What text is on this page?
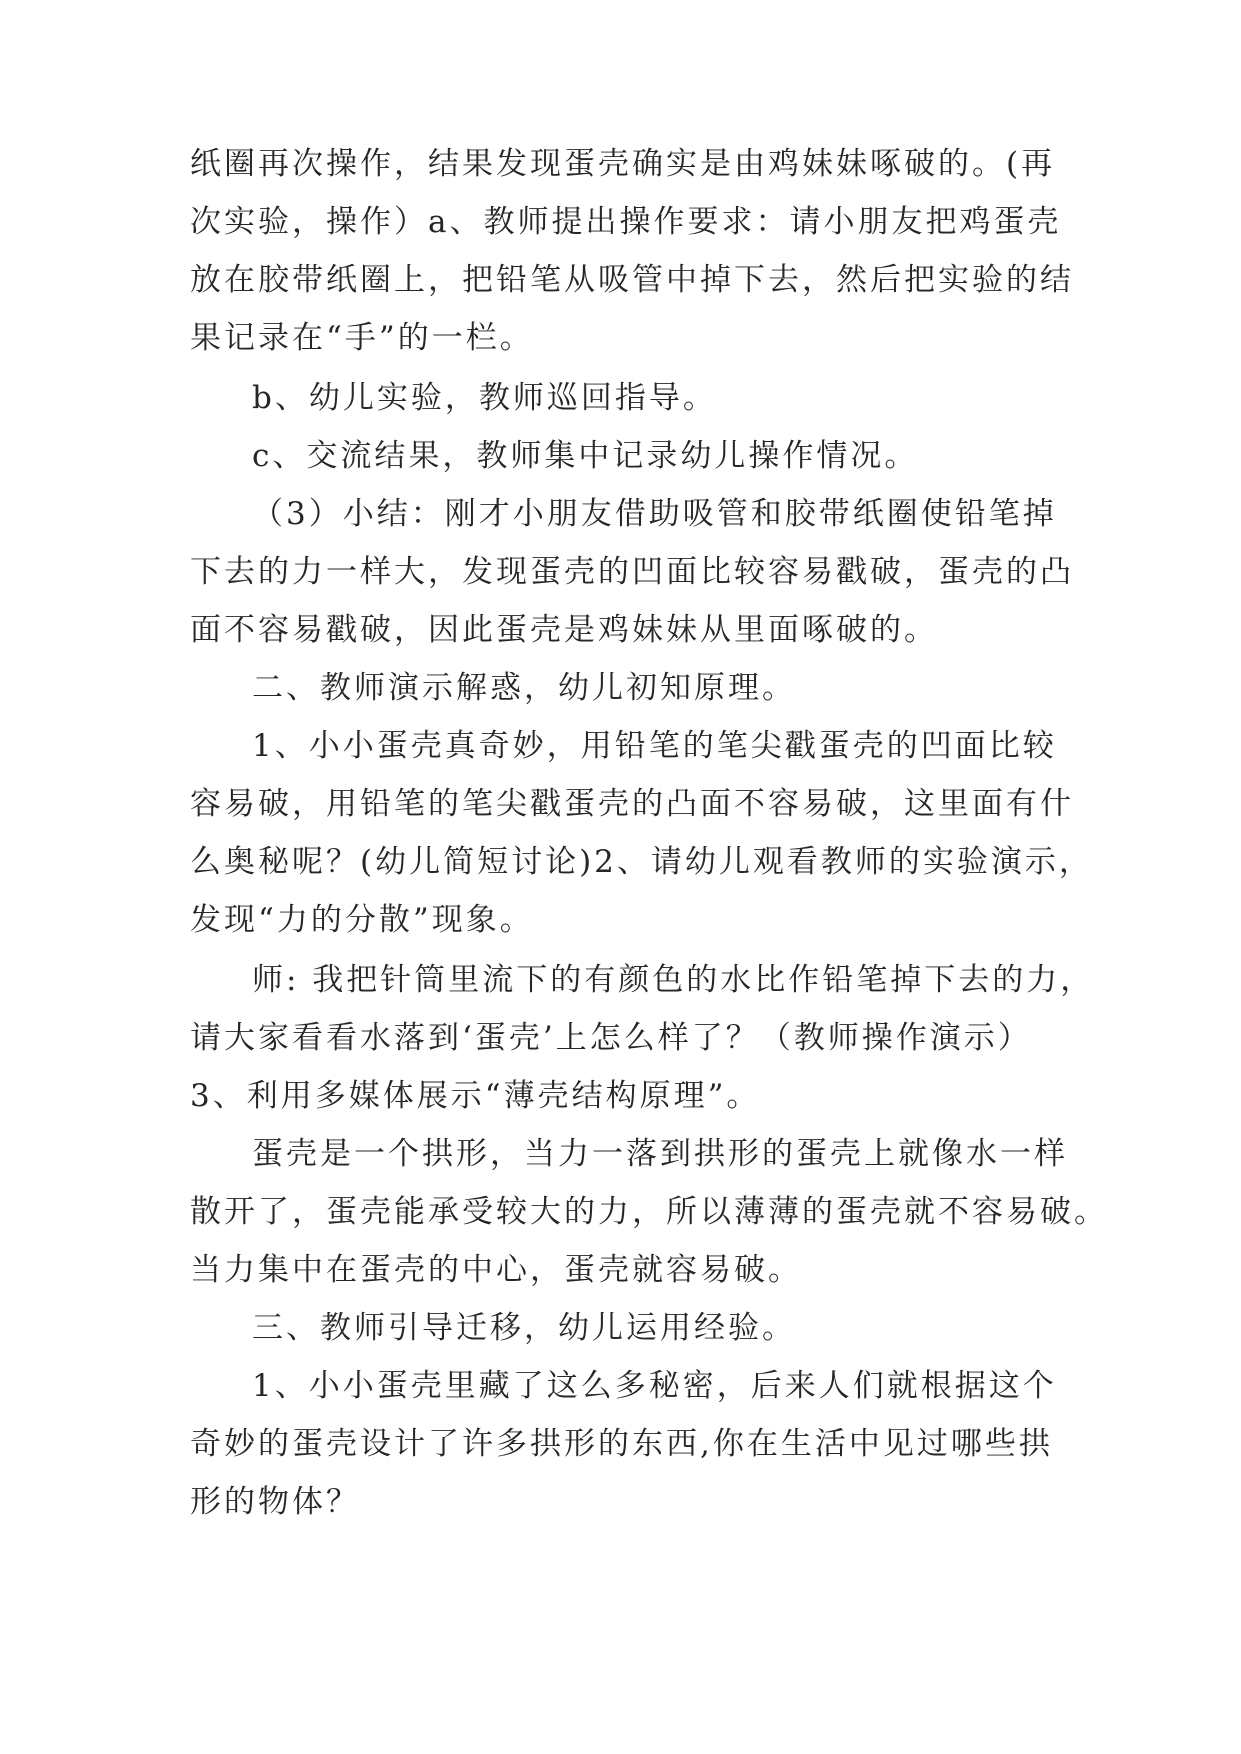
纸圈再次操作，结果发现蛋壳确实是由鸡妹妹啄破的。(再
次实验，操作）a、教师提出操作要求：请小朋友把鸡蛋壳
放在胶带纸圈上，把铅笔从吸管中掉下去，然后把实验的结
果记录在“手”的一栏。
b、幼儿实验，教师巡回指导。
c、交流结果，教师集中记录幼儿操作情况。
（3）小结：刚才小朋友借助吸管和胶带纸圈使铅笔掉
下去的力一样大，发现蛋壳的凹面比较容易戳破，蛋壳的凸
面不容易戳破，因此蛋壳是鸡妹妹从里面啄破的。
二、教师演示解惑，幼儿初知原理。
1、小小蛋壳真奇妙，用铅笔的笔尖戳蛋壳的凹面比较
容易破，用铅笔的笔尖戳蛋壳的凸面不容易破，这里面有什
么奥秘呢？(幼儿简短讨论)2、请幼儿观看教师的实验演示，
发现“力的分散”现象。
师: 我把针筒里流下的有颜色的水比作铅笔掉下去的力，
请大家看看水落到‘蛋壳’上怎么样了？（教师操作演示）
3、利用多媒体展示“薄壳结构原理”。
蛋壳是一个拱形，当力一落到拱形的蛋壳上就像水一样
散开了，蛋壳能承受较大的力，所以薄薄的蛋壳就不容易破。
当力集中在蛋壳的中心，蛋壳就容易破。
三、教师引导迁移，幼儿运用经验。
1、小小蛋壳里藏了这么多秘密，后来人们就根据这个
奇妙的蛋壳设计了许多拱形的东西,你在生活中见过哪些拱
形的物体？
